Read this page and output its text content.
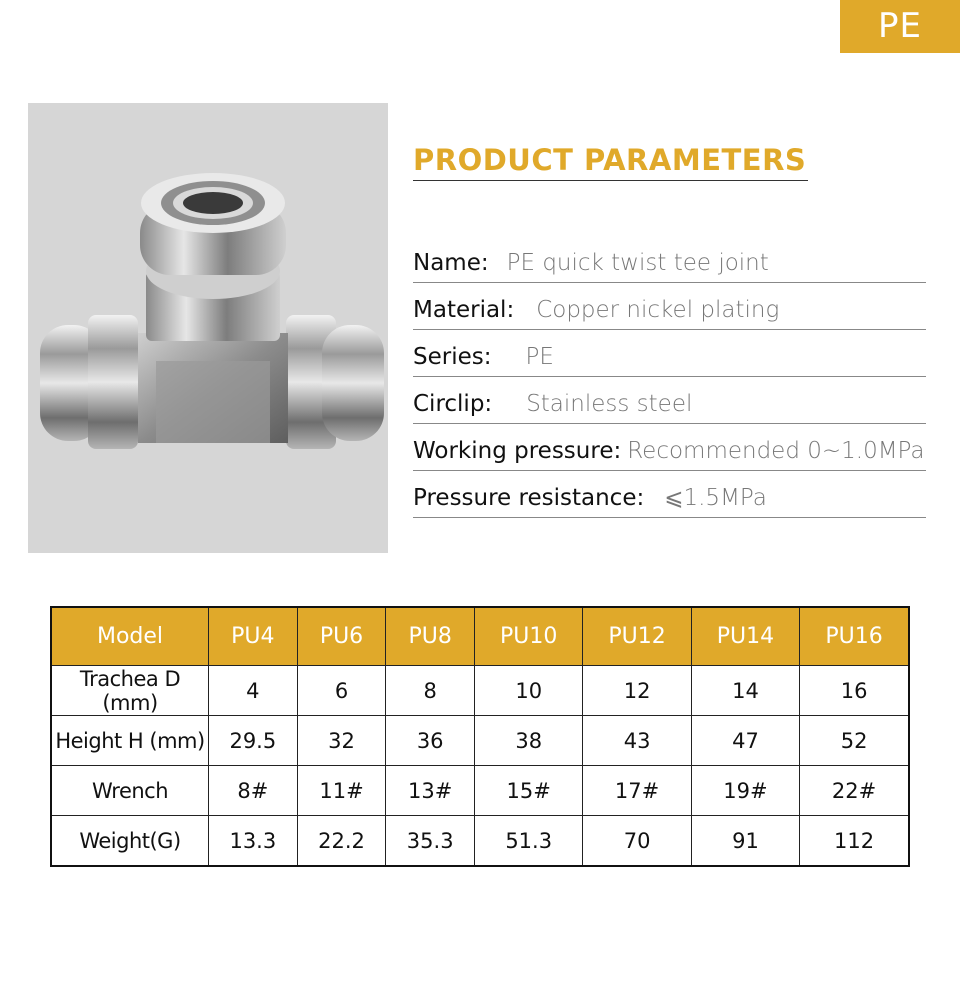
PE
PRODUCT PARAMETERS
Name: PE quick twist tee joint
Material: Copper nickel plating
Series: PE
Circlip: Stainless steel
Working pressure: Recommended 0~1.0MPa
Pressure resistance: ⩽1.5MPa
Model	PU4	PU6	PU8	PU10	PU12	PU14	PU16
Trachea D (mm)	4	6	8	10	12	14	16
Height H (mm)	29.5	32	36	38	43	47	52
Wrench	8#	11#	13#	15#	17#	19#	22#
Weight(G)	13.3	22.2	35.3	51.3	70	91	112
